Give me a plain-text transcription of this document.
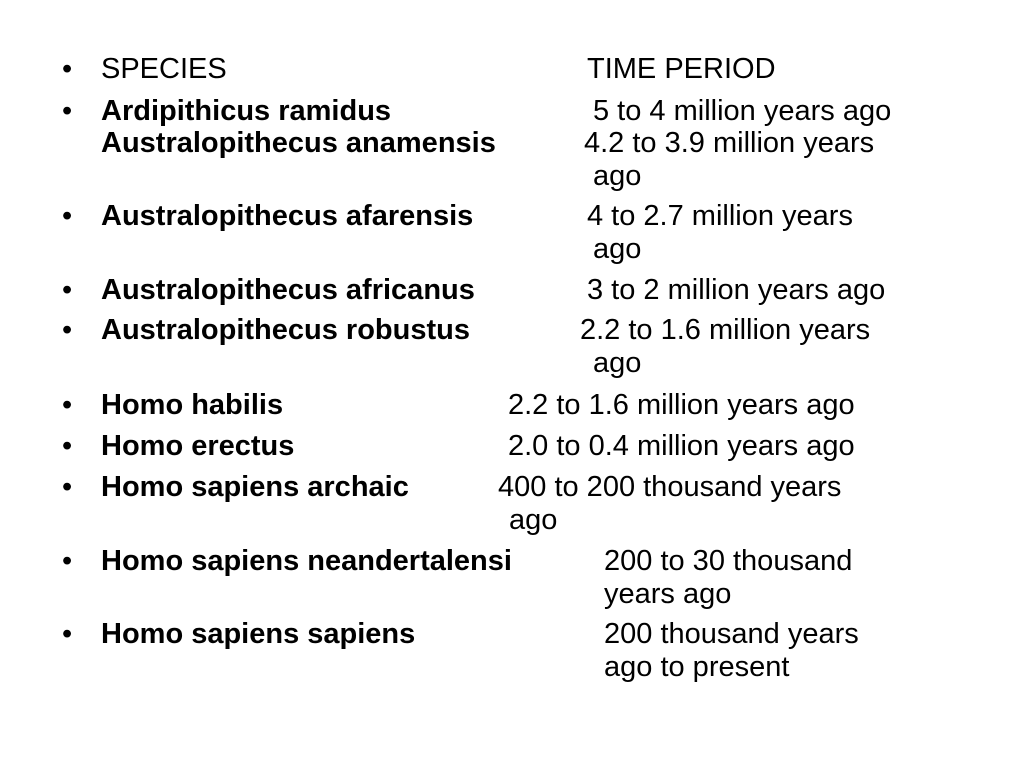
• SPECIES	TIME PERIOD
• Ardipithicus ramidus	5 to 4 million years ago
Australopithecus anamensis	4.2 to 3.9 million years
ago
• Australopithecus afarensis	4 to 2.7 million years
ago
• Australopithecus africanus	3 to 2 million years ago
• Australopithecus robustus	2.2 to 1.6 million years
ago
• Homo habilis	2.2 to 1.6 million years ago
• Homo erectus	2.0 to 0.4 million years ago
• Homo sapiens archaic	400 to 200 thousand years
ago
• Homo sapiens neandertalensi	200 to 30 thousand
years ago
• Homo sapiens sapiens	200 thousand years
ago to present
